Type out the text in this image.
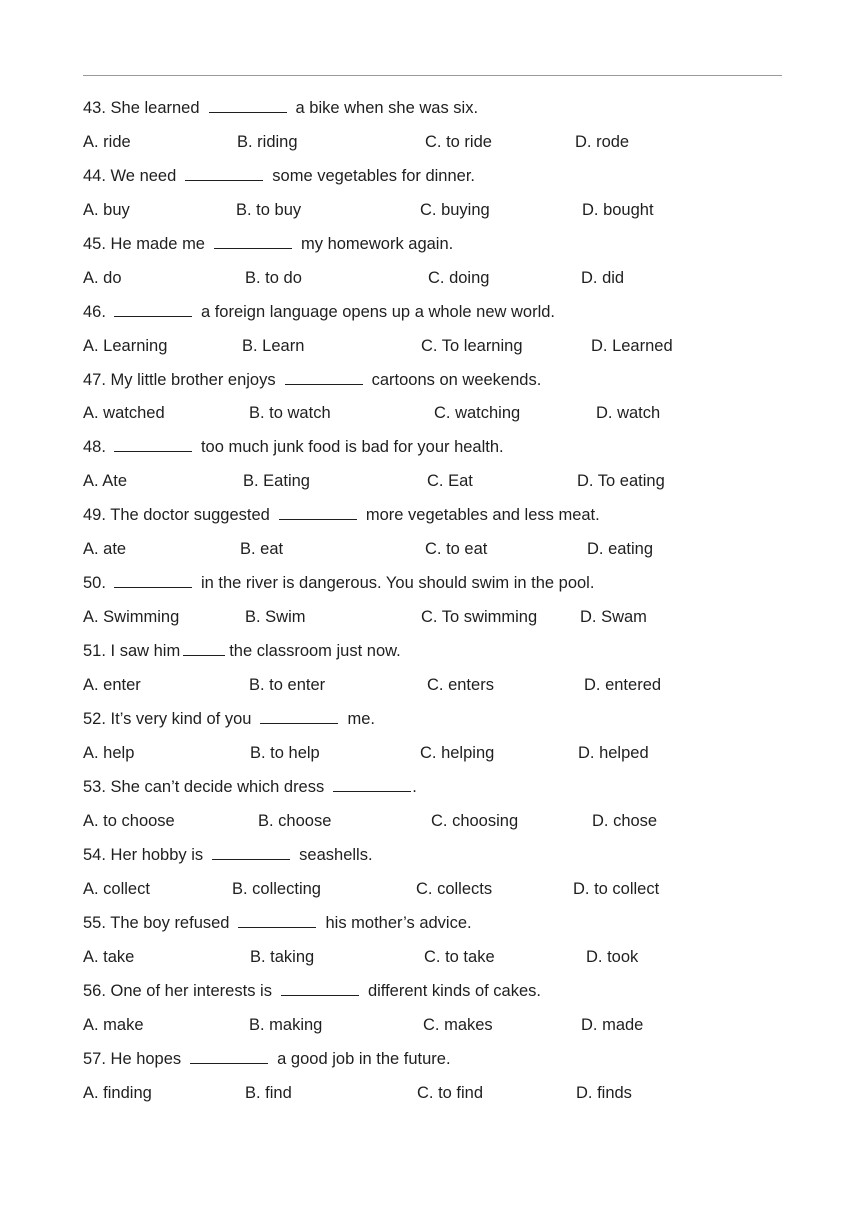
43. She learned	a bike when she was six.
A. ride	B. riding	C. to ride	D. rode
44. We need	some vegetables for dinner.
A. buy	B. to buy	C. buying	D. bought
45. He made me	my homework again.
A. do	B. to do	C. doing	D. did
46.	a foreign language opens up a whole new world.
A. Learning	B. Learn	C. To learning	D. Learned
47. My little brother enjoys	cartoons on weekends.
A. watched	B. to watch	C. watching	D. watch
48.	too much junk food is bad for your health.
A. Ate	B. Eating	C. Eat	D. To eating
49. The doctor suggested	more vegetables and less meat.
A. ate	B. eat	C. to eat	D. eating
50.	in the river is dangerous. You should swim in the pool.
A. Swimming	B. Swim	C. To swimming	D. Swam
51. I saw him	the classroom just now.
A. enter	B. to enter	C. enters	D. entered
52. It’s very kind of you	me.
A. help	B. to help	C. helping	D. helped
53. She can’t decide which dress	.
A. to choose	B. choose	C. choosing	D. chose
54. Her hobby is	seashells.
A. collect	B. collecting	C. collects	D. to collect
55. The boy refused	his mother’s advice.
A. take	B. taking	C. to take	D. took
56. One of her interests is	different kinds of cakes.
A. make	B. making	C. makes	D. made
57. He hopes	a good job in the future.
A. finding	B. find	C. to find	D. finds
